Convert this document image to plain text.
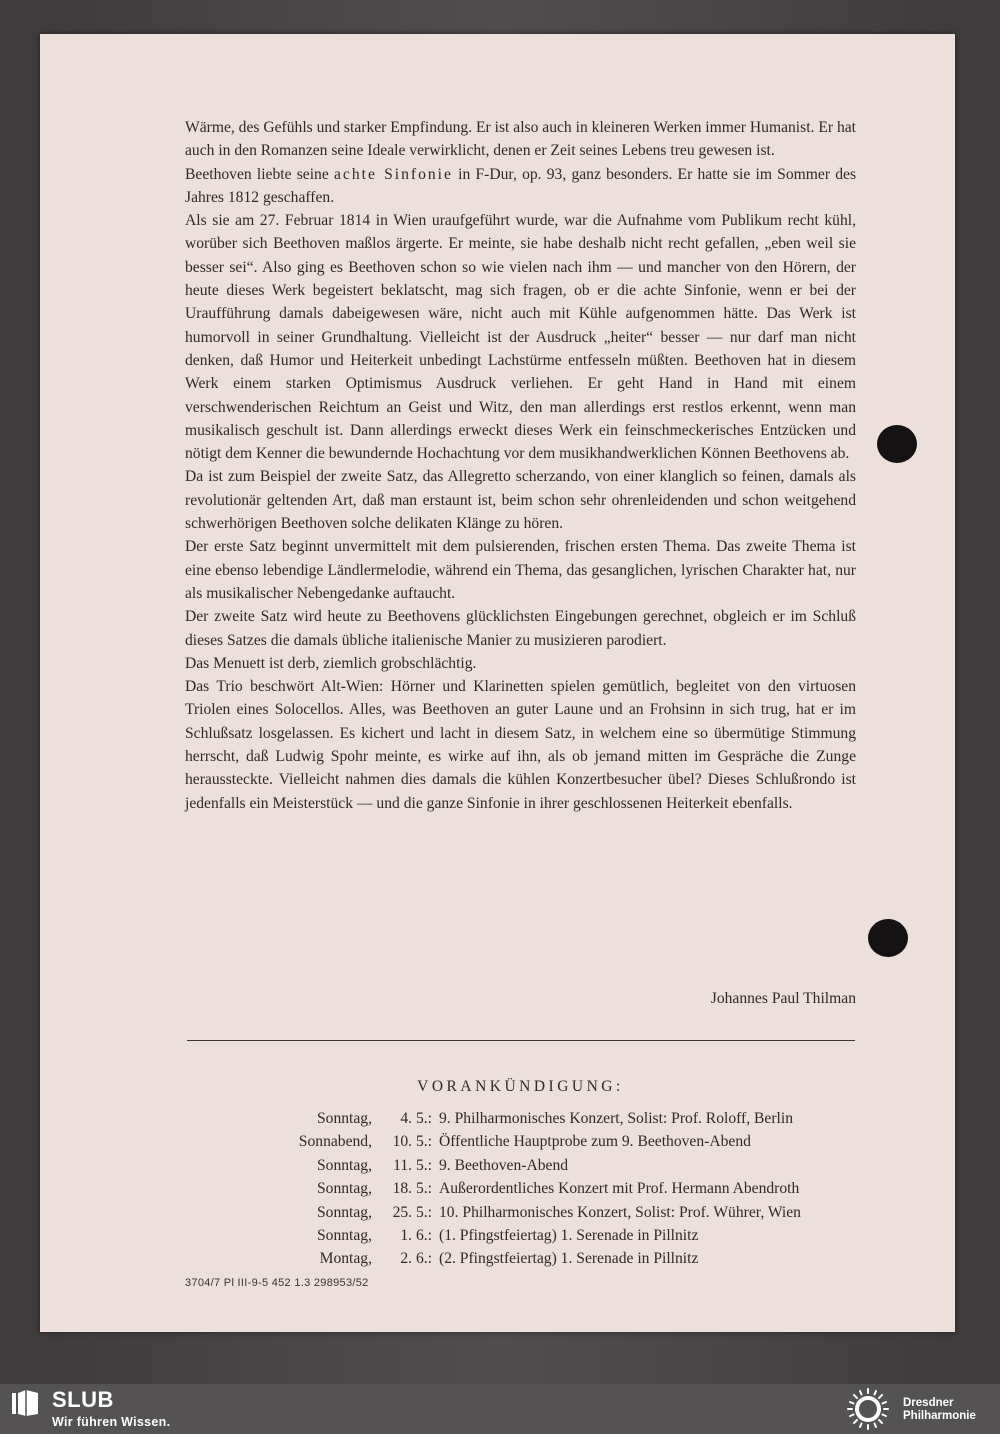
Wärme, des Gefühls und starker Empfindung. Er ist also auch in kleineren Werken immer Humanist. Er hat auch in den Romanzen seine Ideale verwirklicht, denen er Zeit seines Lebens treu gewesen ist.

Beethoven liebte seine achte Sinfonie in F-Dur, op. 93, ganz besonders. Er hatte sie im Sommer des Jahres 1812 geschaffen.

Als sie am 27. Februar 1814 in Wien uraufgeführt wurde, war die Aufnahme vom Publikum recht kühl, worüber sich Beethoven maßlos ärgerte. Er meinte, sie habe deshalb nicht recht gefallen, „eben weil sie besser sei“. Also ging es Beethoven schon so wie vielen nach ihm — und mancher von den Hörern, der heute dieses Werk begeistert beklatscht, mag sich fragen, ob er die achte Sinfonie, wenn er bei der Uraufführung damals dabeigewesen wäre, nicht auch mit Kühle aufgenommen hätte. Das Werk ist humorvoll in seiner Grundhaltung. Vielleicht ist der Ausdruck „heiter“ besser — nur darf man nicht denken, daß Humor und Heiterkeit unbedingt Lachstürme entfesseln müßten. Beethoven hat in diesem Werk einem starken Optimismus Ausdruck verliehen. Er geht Hand in Hand mit einem verschwenderischen Reichtum an Geist und Witz, den man allerdings erst restlos erkennt, wenn man musikalisch geschult ist. Dann allerdings erweckt dieses Werk ein feinschmeckerisches Entzücken und nötigt dem Kenner die bewundernde Hochachtung vor dem musikhandwerklichen Können Beethovens ab.

Da ist zum Beispiel der zweite Satz, das Allegretto scherzando, von einer klanglich so feinen, damals als revolutionär geltenden Art, daß man erstaunt ist, beim schon sehr ohrenleidenden und schon weitgehend schwerhörigen Beethoven solche delikaten Klänge zu hören.

Der erste Satz beginnt unvermittelt mit dem pulsierenden, frischen ersten Thema. Das zweite Thema ist eine ebenso lebendige Ländlermelodie, während ein Thema, das gesanglichen, lyrischen Charakter hat, nur als musikalischer Nebengedanke auftaucht.

Der zweite Satz wird heute zu Beethovens glücklichsten Eingebungen gerechnet, obgleich er im Schluß dieses Satzes die damals übliche italienische Manier zu musizieren parodiert.

Das Menuett ist derb, ziemlich grobschlächtig.

Das Trio beschwört Alt-Wien: Hörner und Klarinetten spielen gemütlich, begleitet von den virtuosen Triolen eines Solocellos. Alles, was Beethoven an guter Laune und an Frohsinn in sich trug, hat er im Schlußsatz losgelassen. Es kichert und lacht in diesem Satz, in welchem eine so übermütige Stimmung herrscht, daß Ludwig Spohr meinte, es wirke auf ihn, als ob jemand mitten im Gespräche die Zunge heraussteckte. Vielleicht nahmen dies damals die kühlen Konzertbesucher übel? Dieses Schlußrondo ist jedenfalls ein Meisterstück — und die ganze Sinfonie in ihrer geschlossenen Heiterkeit ebenfalls.

Johannes Paul Thilman
VORANKÜNDIGUNG:
Sonntag,	4. 5.: 9. Philharmonisches Konzert, Solist: Prof. Roloff, Berlin
Sonnabend,	10. 5.: Öffentliche Hauptprobe zum 9. Beethoven-Abend
Sonntag,	11. 5.: 9. Beethoven-Abend
Sonntag,	18. 5.: Außerordentliches Konzert mit Prof. Hermann Abendroth
Sonntag,	25. 5.: 10. Philharmonisches Konzert, Solist: Prof. Wührer, Wien
Sonntag,	1. 6.: (1. Pfingstfeiertag) 1. Serenade in Pillnitz
Montag,	2. 6.: (2. Pfingstfeiertag) 1. Serenade in Pillnitz
3704/7 Pl III-9-5 452 1.3 298953/52
SLUB
Wir führen Wissen.
Dresdner
Philharmonie
